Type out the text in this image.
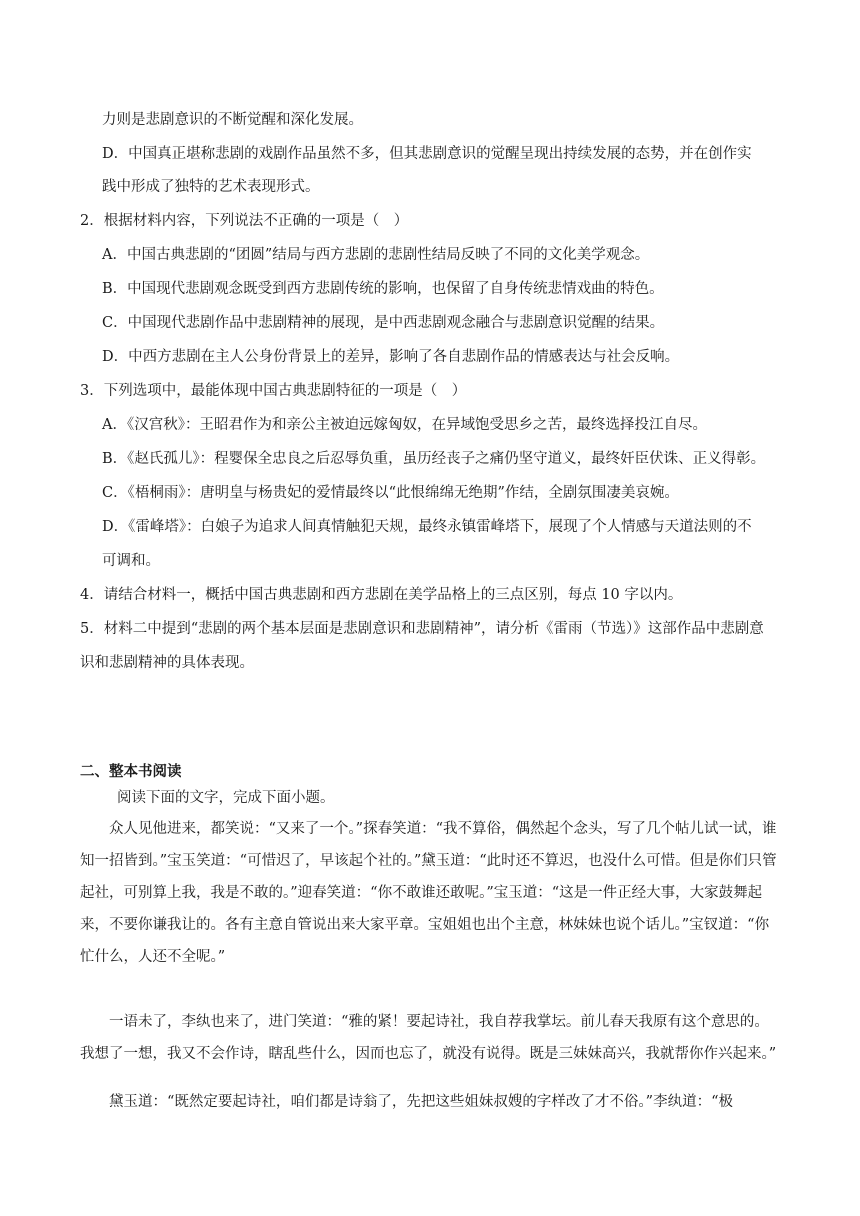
力则是悲剧意识的不断觉醒和深化发展。
D．中国真正堪称悲剧的戏剧作品虽然不多，但其悲剧意识的觉醒呈现出持续发展的态势，并在创作实
践中形成了独特的艺术表现形式。
2．根据材料内容，下列说法不正确的一项是（　）
A．中国古典悲剧的“团圆”结局与西方悲剧的悲剧性结局反映了不同的文化美学观念。
B．中国现代悲剧观念既受到西方悲剧传统的影响，也保留了自身传统悲情戏曲的特色。
C．中国现代悲剧作品中悲剧精神的展现，是中西悲剧观念融合与悲剧意识觉醒的结果。
D．中西方悲剧在主人公身份背景上的差异，影响了各自悲剧作品的情感表达与社会反响。
3．下列选项中，最能体现中国古典悲剧特征的一项是（　）
A．《汉宫秋》：王昭君作为和亲公主被迫远嫁匈奴，在异域饱受思乡之苦，最终选择投江自尽。
B．《赵氏孤儿》：程婴保全忠良之后忍辱负重，虽历经丧子之痛仍坚守道义，最终奸臣伏诛、正义得彰。
C．《梧桐雨》：唐明皇与杨贵妃的爱情最终以“此恨绵绵无绝期”作结，全剧氛围凄美哀婉。
D．《雷峰塔》：白娘子为追求人间真情触犯天规，最终永镇雷峰塔下，展现了个人情感与天道法则的不
可调和。
4．请结合材料一，概括中国古典悲剧和西方悲剧在美学品格上的三点区别，每点 10 字以内。
5．材料二中提到“悲剧的两个基本层面是悲剧意识和悲剧精神”，请分析《雷雨（节选）》这部作品中悲剧意
识和悲剧精神的具体表现。
二、整本书阅读
阅读下面的文字，完成下面小题。
众人见他进来，都笑说：“又来了一个。”探春笑道：“我不算俗，偶然起个念头，写了几个帖儿试一试，谁知一招皆到。”宝玉笑道：“可惜迟了，早该起个社的。”黛玉道：“此时还不算迟，也没什么可惜。但是你们只管起社，可别算上我，我是不敢的。”迎春笑道：“你不敢谁还敢呢。”宝玉道：“这是一件正经大事，大家鼓舞起来，不要你谦我让的。各有主意自管说出来大家平章。宝姐姐也出个主意，林妹妹也说个话儿。”宝钗道：“你忙什么，人还不全呢。”
一语未了，李纨也来了，进门笑道：“雅的紧！要起诗社，我自荐我掌坛。前儿春天我原有这个意思的。我想了一想，我又不会作诗，瞎乱些什么，因而也忘了，就没有说得。既是三妹妹高兴，我就帮你作兴起来。”
黛玉道：“既然定要起诗社，咱们都是诗翁了，先把这些姐妹叔嫂的字样改了才不俗。”李纨道：“极
